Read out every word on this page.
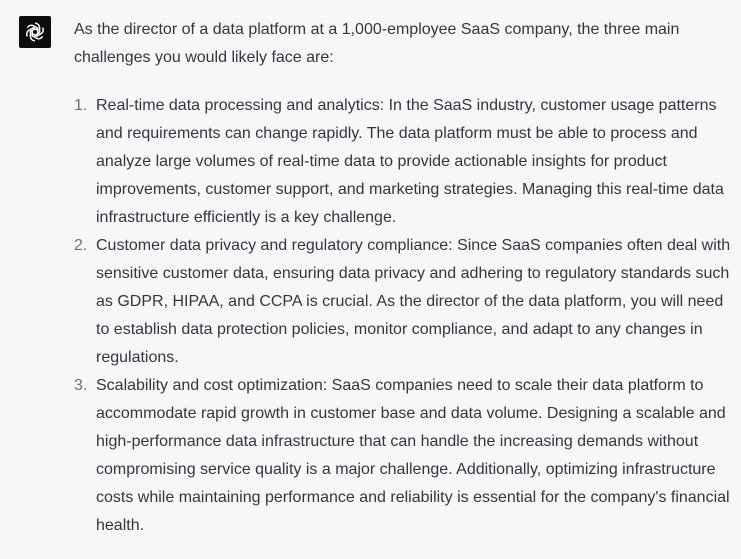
As the director of a data platform at a 1,000-employee SaaS company, the three main challenges you would likely face are:

1. Real-time data processing and analytics: In the SaaS industry, customer usage patterns and requirements can change rapidly. The data platform must be able to process and analyze large volumes of real-time data to provide actionable insights for product improvements, customer support, and marketing strategies. Managing this real-time data infrastructure efficiently is a key challenge.
2. Customer data privacy and regulatory compliance: Since SaaS companies often deal with sensitive customer data, ensuring data privacy and adhering to regulatory standards such as GDPR, HIPAA, and CCPA is crucial. As the director of the data platform, you will need to establish data protection policies, monitor compliance, and adapt to any changes in regulations.
3. Scalability and cost optimization: SaaS companies need to scale their data platform to accommodate rapid growth in customer base and data volume. Designing a scalable and high-performance data infrastructure that can handle the increasing demands without compromising service quality is a major challenge. Additionally, optimizing infrastructure costs while maintaining performance and reliability is essential for the company's financial health.
